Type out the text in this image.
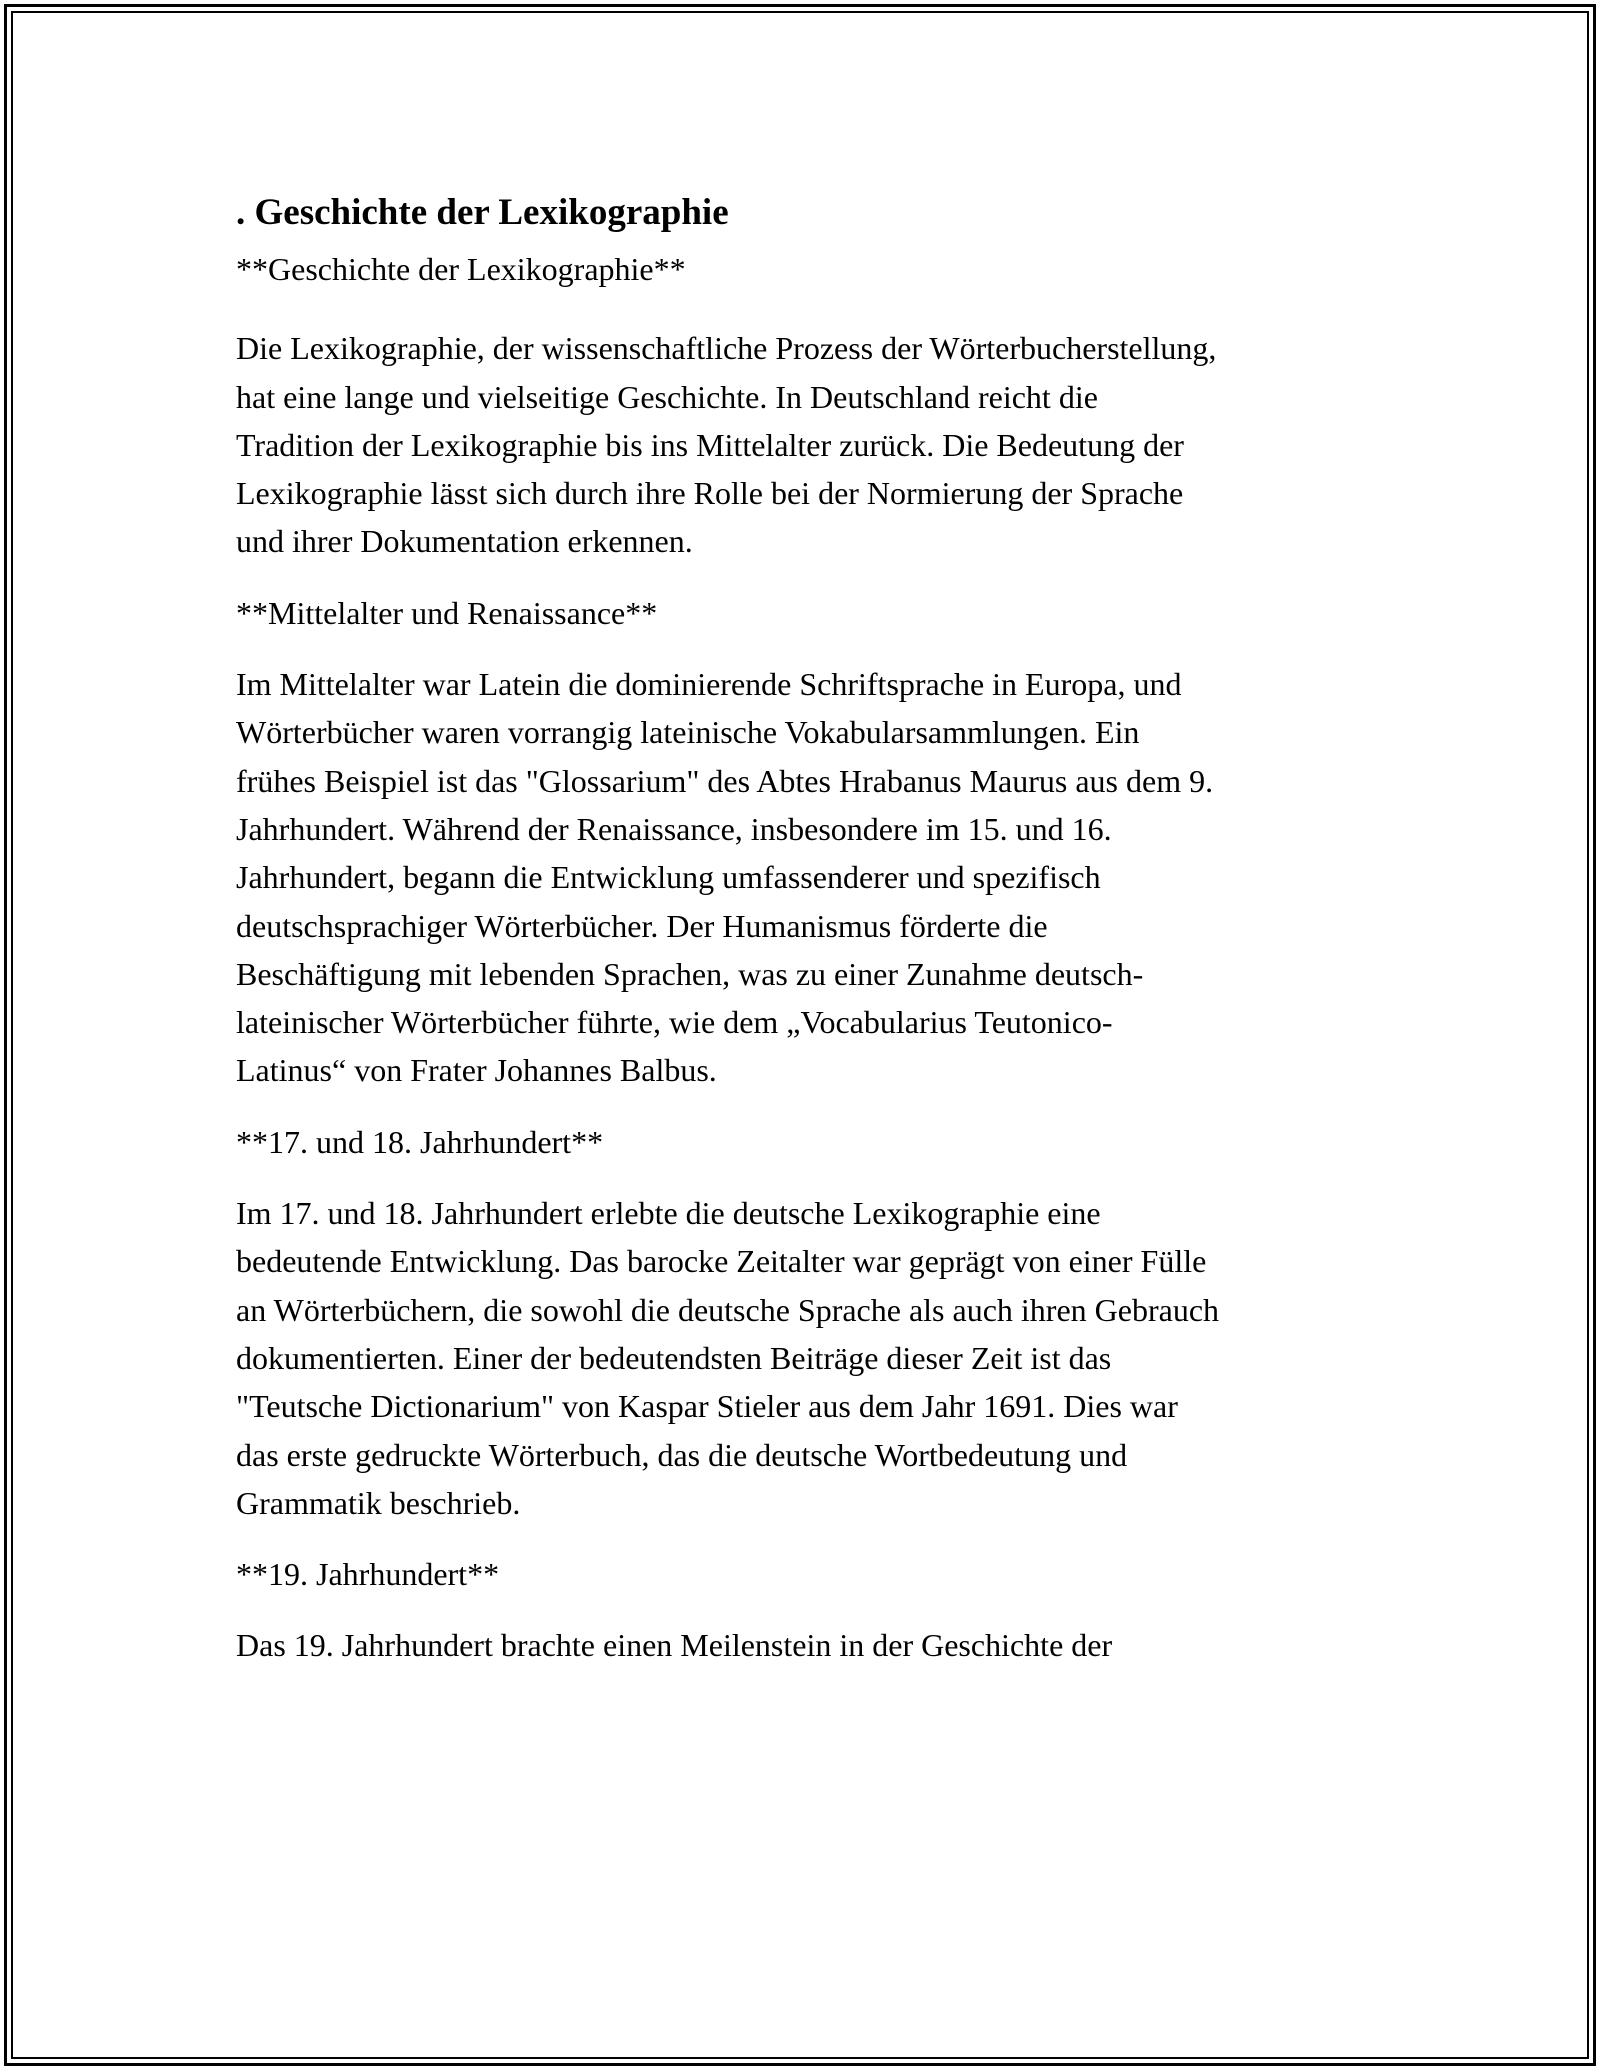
. Geschichte der Lexikographie

**Geschichte der Lexikographie**

Die Lexikographie, der wissenschaftliche Prozess der Wörterbucherstellung,
hat eine lange und vielseitige Geschichte. In Deutschland reicht die
Tradition der Lexikographie bis ins Mittelalter zurück. Die Bedeutung der
Lexikographie lässt sich durch ihre Rolle bei der Normierung der Sprache
und ihrer Dokumentation erkennen.

**Mittelalter und Renaissance**

Im Mittelalter war Latein die dominierende Schriftsprache in Europa, und
Wörterbücher waren vorrangig lateinische Vokabularsammlungen. Ein
frühes Beispiel ist das "Glossarium" des Abtes Hrabanus Maurus aus dem 9.
Jahrhundert. Während der Renaissance, insbesondere im 15. und 16.
Jahrhundert, begann die Entwicklung umfassenderer und spezifisch
deutschsprachiger Wörterbücher. Der Humanismus förderte die
Beschäftigung mit lebenden Sprachen, was zu einer Zunahme deutsch-
lateinischer Wörterbücher führte, wie dem „Vocabularius Teutonico-
Latinus“ von Frater Johannes Balbus.

**17. und 18. Jahrhundert**

Im 17. und 18. Jahrhundert erlebte die deutsche Lexikographie eine
bedeutende Entwicklung. Das barocke Zeitalter war geprägt von einer Fülle
an Wörterbüchern, die sowohl die deutsche Sprache als auch ihren Gebrauch
dokumentierten. Einer der bedeutendsten Beiträge dieser Zeit ist das
"Teutsche Dictionarium" von Kaspar Stieler aus dem Jahr 1691. Dies war
das erste gedruckte Wörterbuch, das die deutsche Wortbedeutung und
Grammatik beschrieb.

**19. Jahrhundert**

Das 19. Jahrhundert brachte einen Meilenstein in der Geschichte der
